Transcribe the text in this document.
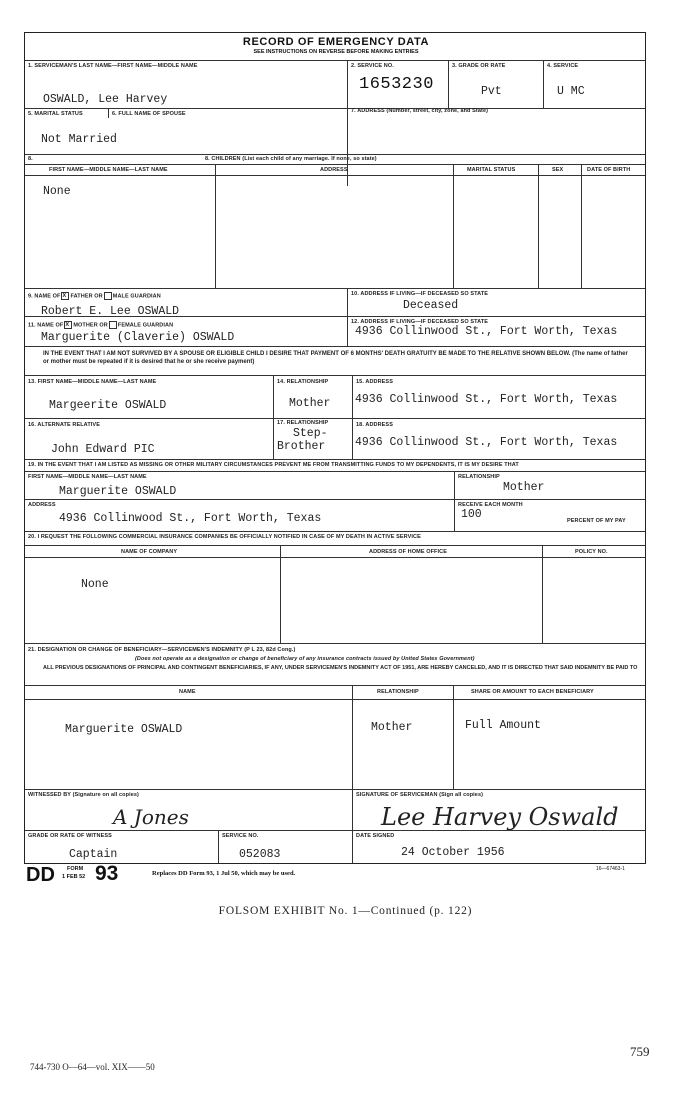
RECORD OF EMERGENCY DATA
SEE INSTRUCTIONS ON REVERSE BEFORE MAKING ENTRIES
1. SERVICEMAN'S LAST NAME—FIRST NAME—MIDDLE NAME
OSWALD, Lee Harvey
2. SERVICE NO.
1653230
3. GRADE OR RATE
Pvt
4. SERVICE
U MC
5. MARITAL STATUS	6. FULL NAME OF SPOUSE
Not Married
7. ADDRESS (Number, street, city, zone, and State)
8.	8. CHILDREN (List each child of any marriage. If none, so state)
FIRST NAME—MIDDLE NAME—LAST NAME	ADDRESS	MARITAL STATUS	SEX	DATE OF BIRTH
None
9. NAME OF X FATHER OR MALE GUARDIAN
Robert E. Lee OSWALD
10. ADDRESS IF LIVING—IF DECEASED SO STATE
Deceased
11. NAME OF X MOTHER OR FEMALE GUARDIAN
Marguerite (Claverie) OSWALD
12. ADDRESS IF LIVING—IF DECEASED SO STATE
4936 Collinwood St., Fort Worth, Texas
IN THE EVENT THAT I AM NOT SURVIVED BY A SPOUSE OR ELIGIBLE CHILD I DESIRE THAT PAYMENT OF 6 MONTHS' DEATH GRATUITY BE MADE TO THE RELATIVE SHOWN BELOW. (The name of father or mother must be repeated if it is desired that he or she receive payment)
13. FIRST NAME—MIDDLE NAME—LAST NAME
Margeerite OSWALD
14. RELATIONSHIP
Mother
15. ADDRESS
4936 Collinwood St., Fort Worth, Texas
16. ALTERNATE RELATIVE
John Edward PIC
17. RELATIONSHIP
Step-
Brother
18. ADDRESS
4936 Collinwood St., Fort Worth, Texas
19. IN THE EVENT THAT I AM LISTED AS MISSING OR OTHER MILITARY CIRCUMSTANCES PREVENT ME FROM TRANSMITTING FUNDS TO MY DEPENDENTS, IT IS MY DESIRE THAT
FIRST NAME—MIDDLE NAME—LAST NAME
Marguerite OSWALD
RELATIONSHIP
Mother
ADDRESS
4936 Collinwood St., Fort Worth, Texas
RECEIVE EACH MONTH
100	PERCENT OF MY PAY
20. I REQUEST THE FOLLOWING COMMERCIAL INSURANCE COMPANIES BE OFFICIALLY NOTIFIED IN CASE OF MY DEATH IN ACTIVE SERVICE
NAME OF COMPANY	ADDRESS OF HOME OFFICE	POLICY NO.
None
21. DESIGNATION OR CHANGE OF BENEFICIARY—SERVICEMEN'S INDEMNITY (P L 23, 82d Cong.)
(Does not operate as a designation or change of beneficiary of any insurance contracts issued by United States Government)
ALL PREVIOUS DESIGNATIONS OF PRINCIPAL AND CONTINGENT BENEFICIARIES, IF ANY, UNDER SERVICEMEN'S INDEMNITY ACT OF 1951, ARE HEREBY CANCELED, AND IT IS DIRECTED THAT SAID INDEMNITY BE PAID TO
NAME	RELATIONSHIP	SHARE OR AMOUNT TO EACH BENEFICIARY
Marguerite OSWALD	Mother	Full Amount
WITNESSED BY (Signature on all copies)
A Jones
SIGNATURE OF SERVICEMAN (Sign all copies)
Lee Harvey Oswald
GRADE OR RATE OF WITNESS
Captain
SERVICE NO.
052083
DATE SIGNED
24 October 1956
DD FORM
1 FEB 52 93	Replaces DD Form 93, 1 Jul 50, which may be used.
16—67463-1
FOLSOM EXHIBIT No. 1—Continued (p. 122)
759
744-730 O—64—vol. XIX——50
